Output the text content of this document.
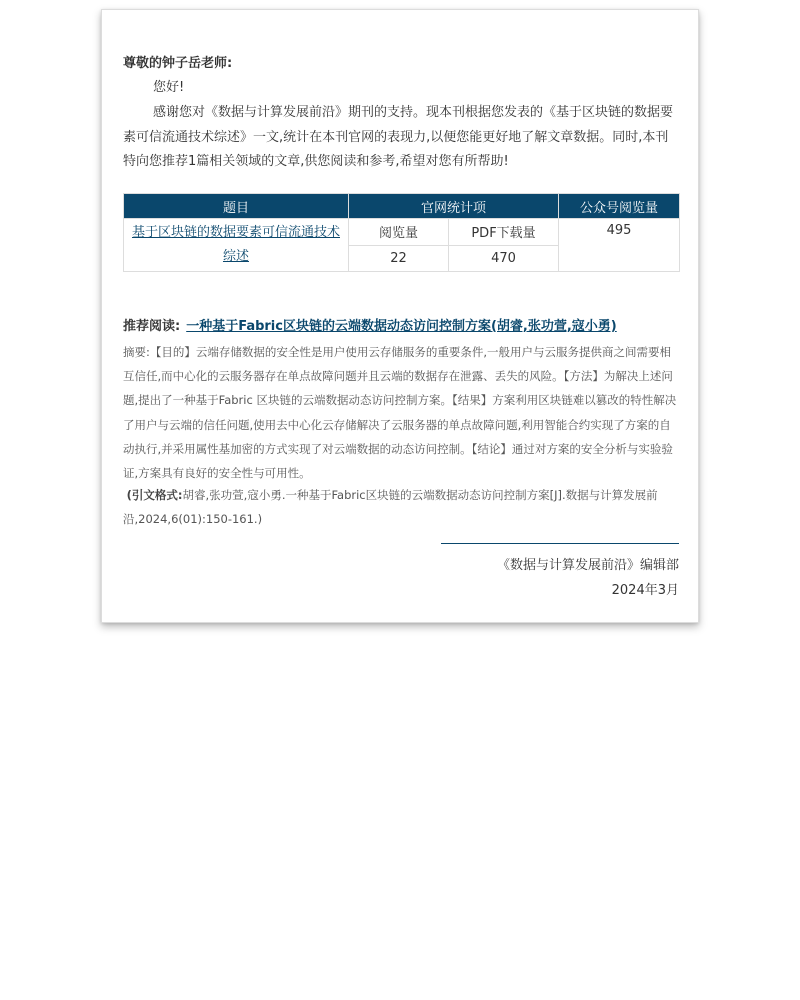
尊敬的钟子岳老师:
您好!

感谢您对《数据与计算发展前沿》期刊的支持。现本刊根据您发表的《基于区块链的数据要素可信流通技术综述》一文,统计在本刊官网的表现力,以便您能更好地了解文章数据。同时,本刊特向您推荐1篇相关领域的文章,供您阅读和参考,希望对您有所帮助!

题目	官网统计项		公众号阅览量
基于区块链的数据要素可信流通技术综述	阅览量	PDF下载量	495
	22	470	
推荐阅读: 一种基于Fabric区块链的云端数据动态访问控制方案(胡睿,张功萱,寇小勇)

摘要:【目的】云端存储数据的安全性是用户使用云存储服务的重要条件,一般用户与云服务提供商之间需要相互信任,而中心化的云服务器存在单点故障问题并且云端的数据存在泄露、丢失的风险。【方法】为解决上述问题,提出了一种基于Fabric 区块链的云端数据动态访问控制方案。【结果】方案利用区块链难以篡改的特性解决了用户与云端的信任问题,使用去中心化云存储解决了云服务器的单点故障问题,利用智能合约实现了方案的自动执行,并采用属性基加密的方式实现了对云端数据的动态访问控制。【结论】通过对方案的安全分析与实验验证,方案具有良好的安全性与可用性。

(引文格式:胡睿,张功萱,寇小勇.一种基于Fabric区块链的云端数据动态访问控制方案[J].数据与计算发展前沿,2024,6(01):150-161.)

《数据与计算发展前沿》编辑部
2024年3月
